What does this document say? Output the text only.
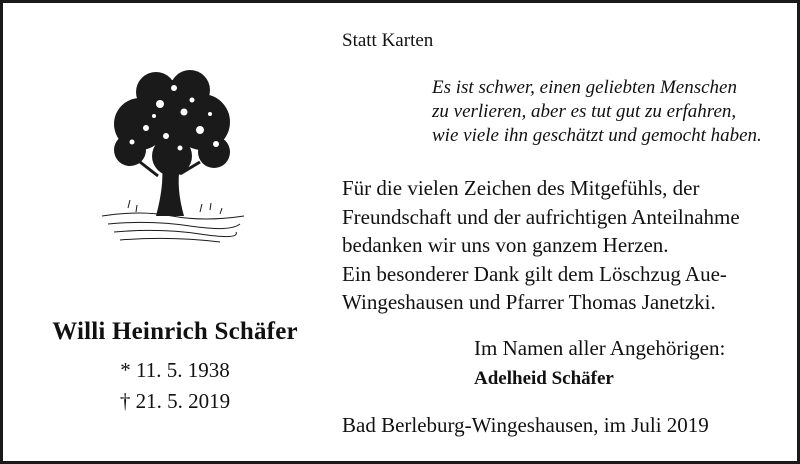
Willi Heinrich Schäfer
* 11. 5. 1938
† 21. 5. 2019
Statt Karten
Es ist schwer, einen geliebten Menschen
zu verlieren, aber es tut gut zu erfahren,
wie viele ihn geschätzt und gemocht haben.
Für die vielen Zeichen des Mitgefühls, der
Freundschaft und der aufrichtigen Anteilnahme
bedanken wir uns von ganzem Herzen.
Ein besonderer Dank gilt dem Löschzug Aue-
Wingeshausen und Pfarrer Thomas Janetzki.
Im Namen aller Angehörigen:
Adelheid Schäfer
Bad Berleburg-Wingeshausen, im Juli 2019
